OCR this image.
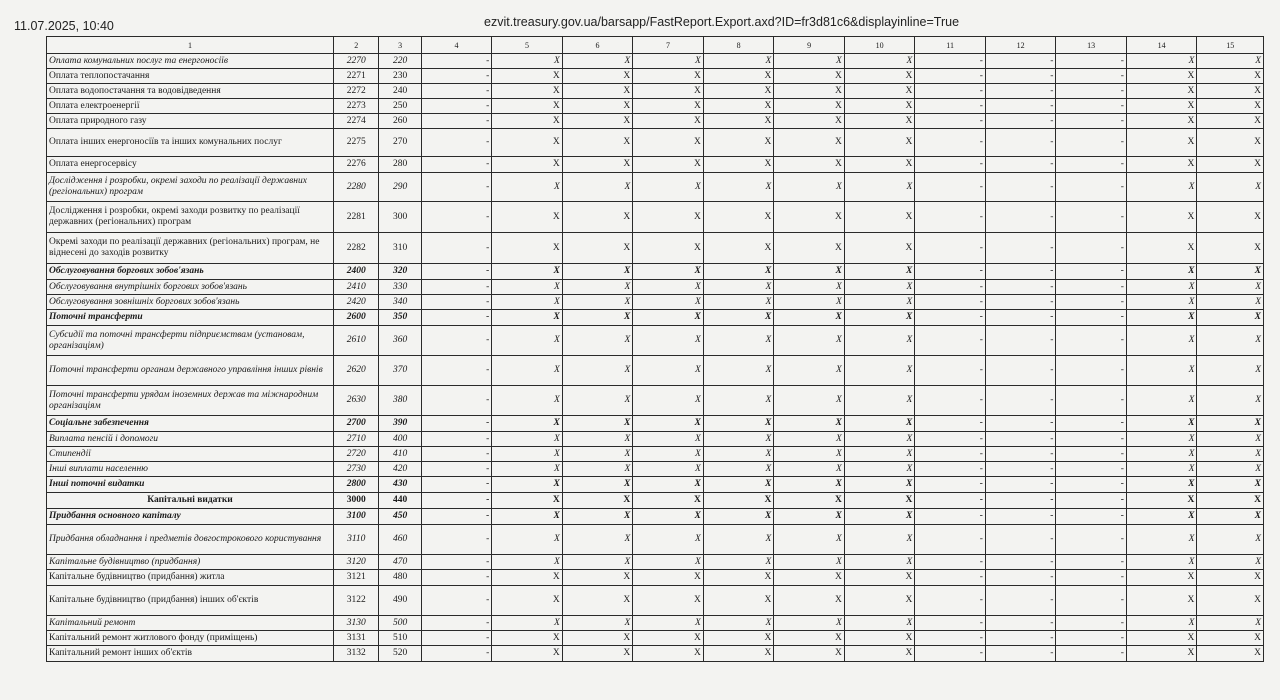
11.07.2025, 10:40	ezvit.treasury.gov.ua/barsapp/FastReport.Export.axd?ID=fr3d81c6&displayinline=True
1	2	3	4	5	6	7	8	9	10	11	12	13	14	15
Оплата комунальних послуг та енергоносіїв	2270	220	-	X	X	X	X	X	X	-	-	-	X	X
Оплата теплопостачання	2271	230	-	X	X	X	X	X	X	-	-	-	X	X
Оплата водопостачання та водовідведення	2272	240	-	X	X	X	X	X	X	-	-	-	X	X
Оплата електроенергії	2273	250	-	X	X	X	X	X	X	-	-	-	X	X
Оплата природного газу	2274	260	-	X	X	X	X	X	X	-	-	-	X	X
Оплата інших енергоносіїв та інших комунальних послуг	2275	270	-	X	X	X	X	X	X	-	-	-	X	X
Оплата енергосервісу	2276	280	-	X	X	X	X	X	X	-	-	-	X	X
Дослідження і розробки, окремі заходи по реалізації державних (регіональних) програм	2280	290	-	X	X	X	X	X	X	-	-	-	X	X
Дослідження і розробки, окремі заходи розвитку по реалізації державних (регіональних) програм	2281	300	-	X	X	X	X	X	X	-	-	-	X	X
Окремі заходи по реалізації державних (регіональних) програм, не віднесені до заходів розвитку	2282	310	-	X	X	X	X	X	X	-	-	-	X	X
Обслуговування боргових зобов'язань	2400	320	-	X	X	X	X	X	X	-	-	-	X	X
Обслуговування внутрішніх боргових зобов'язань	2410	330	-	X	X	X	X	X	X	-	-	-	X	X
Обслуговування зовнішніх боргових зобов'язань	2420	340	-	X	X	X	X	X	X	-	-	-	X	X
Поточні трансферти	2600	350	-	X	X	X	X	X	X	-	-	-	X	X
Субсидії та поточні трансферти підприємствам (установам, організаціям)	2610	360	-	X	X	X	X	X	X	-	-	-	X	X
Поточні трансферти органам державного управління інших рівнів	2620	370	-	X	X	X	X	X	X	-	-	-	X	X
Поточні трансферти урядам іноземних держав та міжнародним організаціям	2630	380	-	X	X	X	X	X	X	-	-	-	X	X
Соціальне забезпечення	2700	390	-	X	X	X	X	X	X	-	-	-	X	X
Виплата пенсій і допомоги	2710	400	-	X	X	X	X	X	X	-	-	-	X	X
Стипендії	2720	410	-	X	X	X	X	X	X	-	-	-	X	X
Інші виплати населенню	2730	420	-	X	X	X	X	X	X	-	-	-	X	X
Інші поточні видатки	2800	430	-	X	X	X	X	X	X	-	-	-	X	X
Капітальні видатки	3000	440	-	X	X	X	X	X	X	-	-	-	X	X
Придбання основного капіталу	3100	450	-	X	X	X	X	X	X	-	-	-	X	X
Придбання обладнання і предметів довгострокового користування	3110	460	-	X	X	X	X	X	X	-	-	-	X	X
Капітальне будівництво (придбання)	3120	470	-	X	X	X	X	X	X	-	-	-	X	X
Капітальне будівництво (придбання) житла	3121	480	-	X	X	X	X	X	X	-	-	-	X	X
Капітальне будівництво (придбання) інших об'єктів	3122	490	-	X	X	X	X	X	X	-	-	-	X	X
Капітальний ремонт	3130	500	-	X	X	X	X	X	X	-	-	-	X	X
Капітальний ремонт житлового фонду (приміщень)	3131	510	-	X	X	X	X	X	X	-	-	-	X	X
Капітальний ремонт інших об'єктів	3132	520	-	X	X	X	X	X	X	-	-	-	X	X
